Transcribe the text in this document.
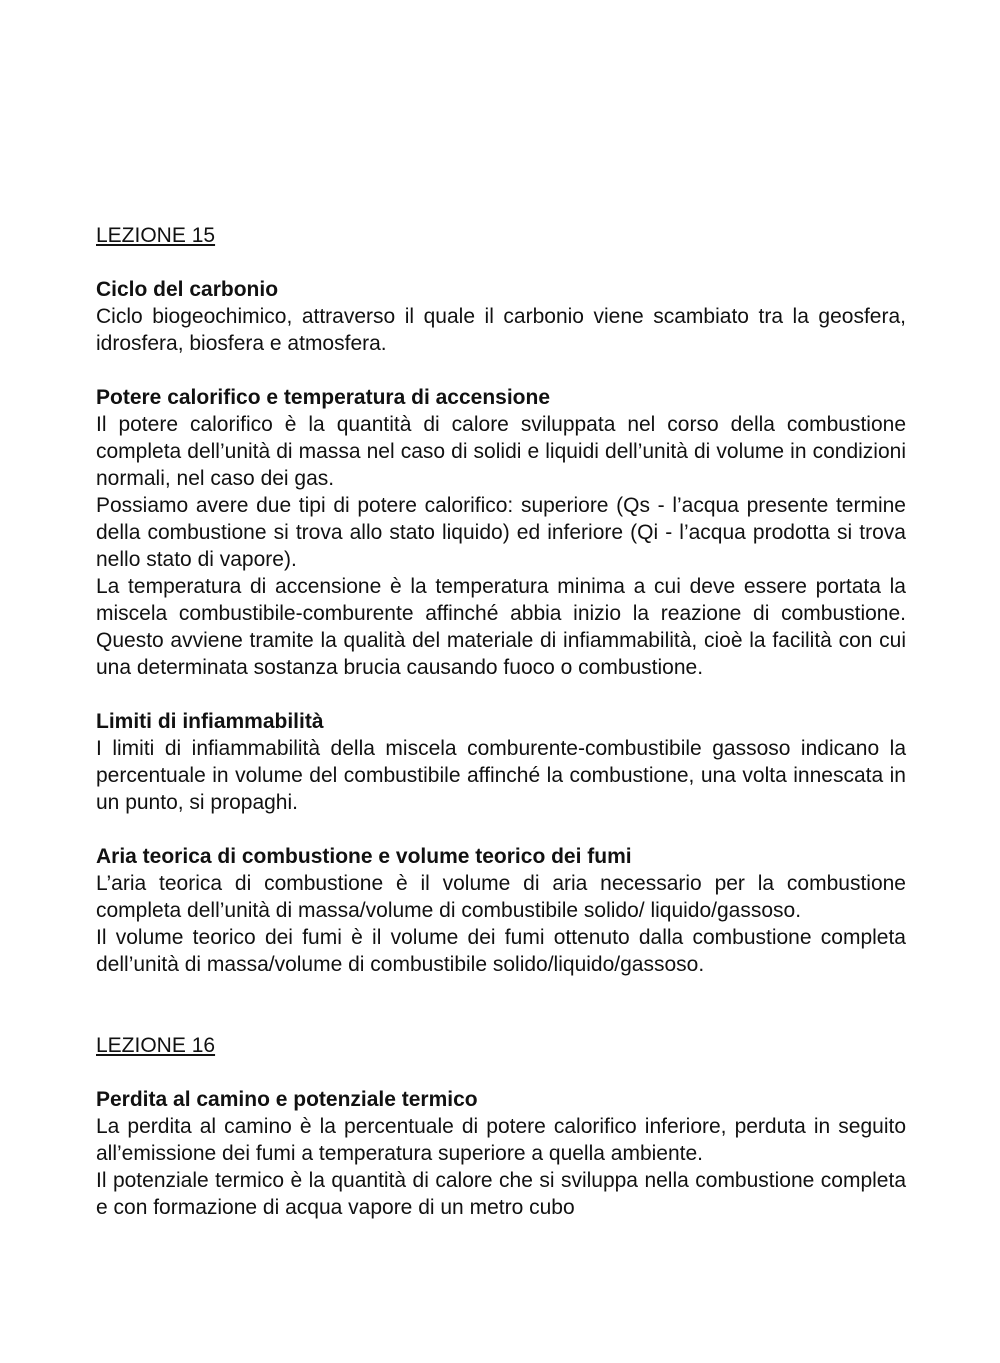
LEZIONE 15
Ciclo del carbonio

Ciclo biogeochimico, attraverso il quale il carbonio viene scambiato tra la geosfera, idrosfera, biosfera e atmosfera.

Potere calorifico e temperatura di accensione

Il potere calorifico è la quantità di calore sviluppata nel corso della combustione completa dell’unità di massa nel caso di solidi e liquidi dell’unità di volume in condizioni normali, nel caso dei gas.

Possiamo avere due tipi di potere calorifico: superiore (Qs - l’acqua presente termine della combustione si trova allo stato liquido) ed inferiore (Qi - l’acqua prodotta si trova nello stato di vapore).

La temperatura di accensione è la temperatura minima a cui deve essere portata la miscela combustibile-comburente affinché abbia inizio la reazione di combustione. Questo avviene tramite la qualità del materiale di infiammabilità, cioè la facilità con cui una determinata sostanza brucia causando fuoco o combustione.

Limiti di infiammabilità

I limiti di infiammabilità della miscela comburente-combustibile gassoso indicano la percentuale in volume del combustibile affinché la combustione, una volta innescata in un punto, si propaghi.

Aria teorica di combustione e volume teorico dei fumi

L’aria teorica di combustione è il volume di aria necessario per la combustione completa dell’unità di massa/volume di combustibile solido/ liquido/gassoso.

Il volume teorico dei fumi è il volume dei fumi ottenuto dalla combustione completa dell’unità di massa/volume di combustibile solido/liquido/gassoso.

LEZIONE 16
Perdita al camino e potenziale termico

La perdita al camino è la percentuale di potere calorifico inferiore, perduta in seguito all’emissione dei fumi a temperatura superiore a quella ambiente.

Il potenziale termico è la quantità di calore che si sviluppa nella combustione completa e con formazione di acqua vapore di un metro cubo
